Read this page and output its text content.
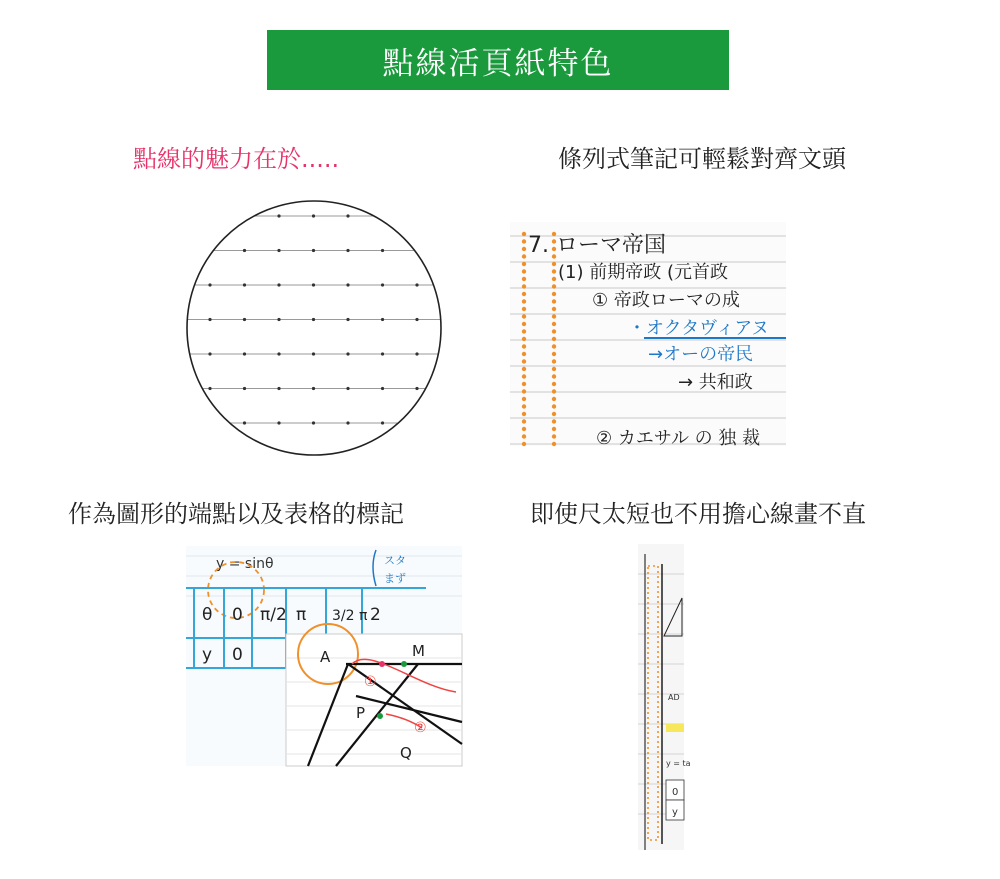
點線活頁紙特色
點線的魅力在於.....	條列式筆記可輕鬆對齊文頭
作為圖形的端點以及表格的標記	即使尺太短也不用擔心線畫不直
7. ローマ帝国
(1) 前期帝政 (元首政
① 帝政ローマの成
・オクタヴィアヌ
→オーの帝民
→ 共和政
② カエサル の 独 裁
y = sinθ	スタ
まず
θ 0 π/2 π 3/2 π 2
y 0	A	M
P
Q
①
②
AD
y = ta
0
y
